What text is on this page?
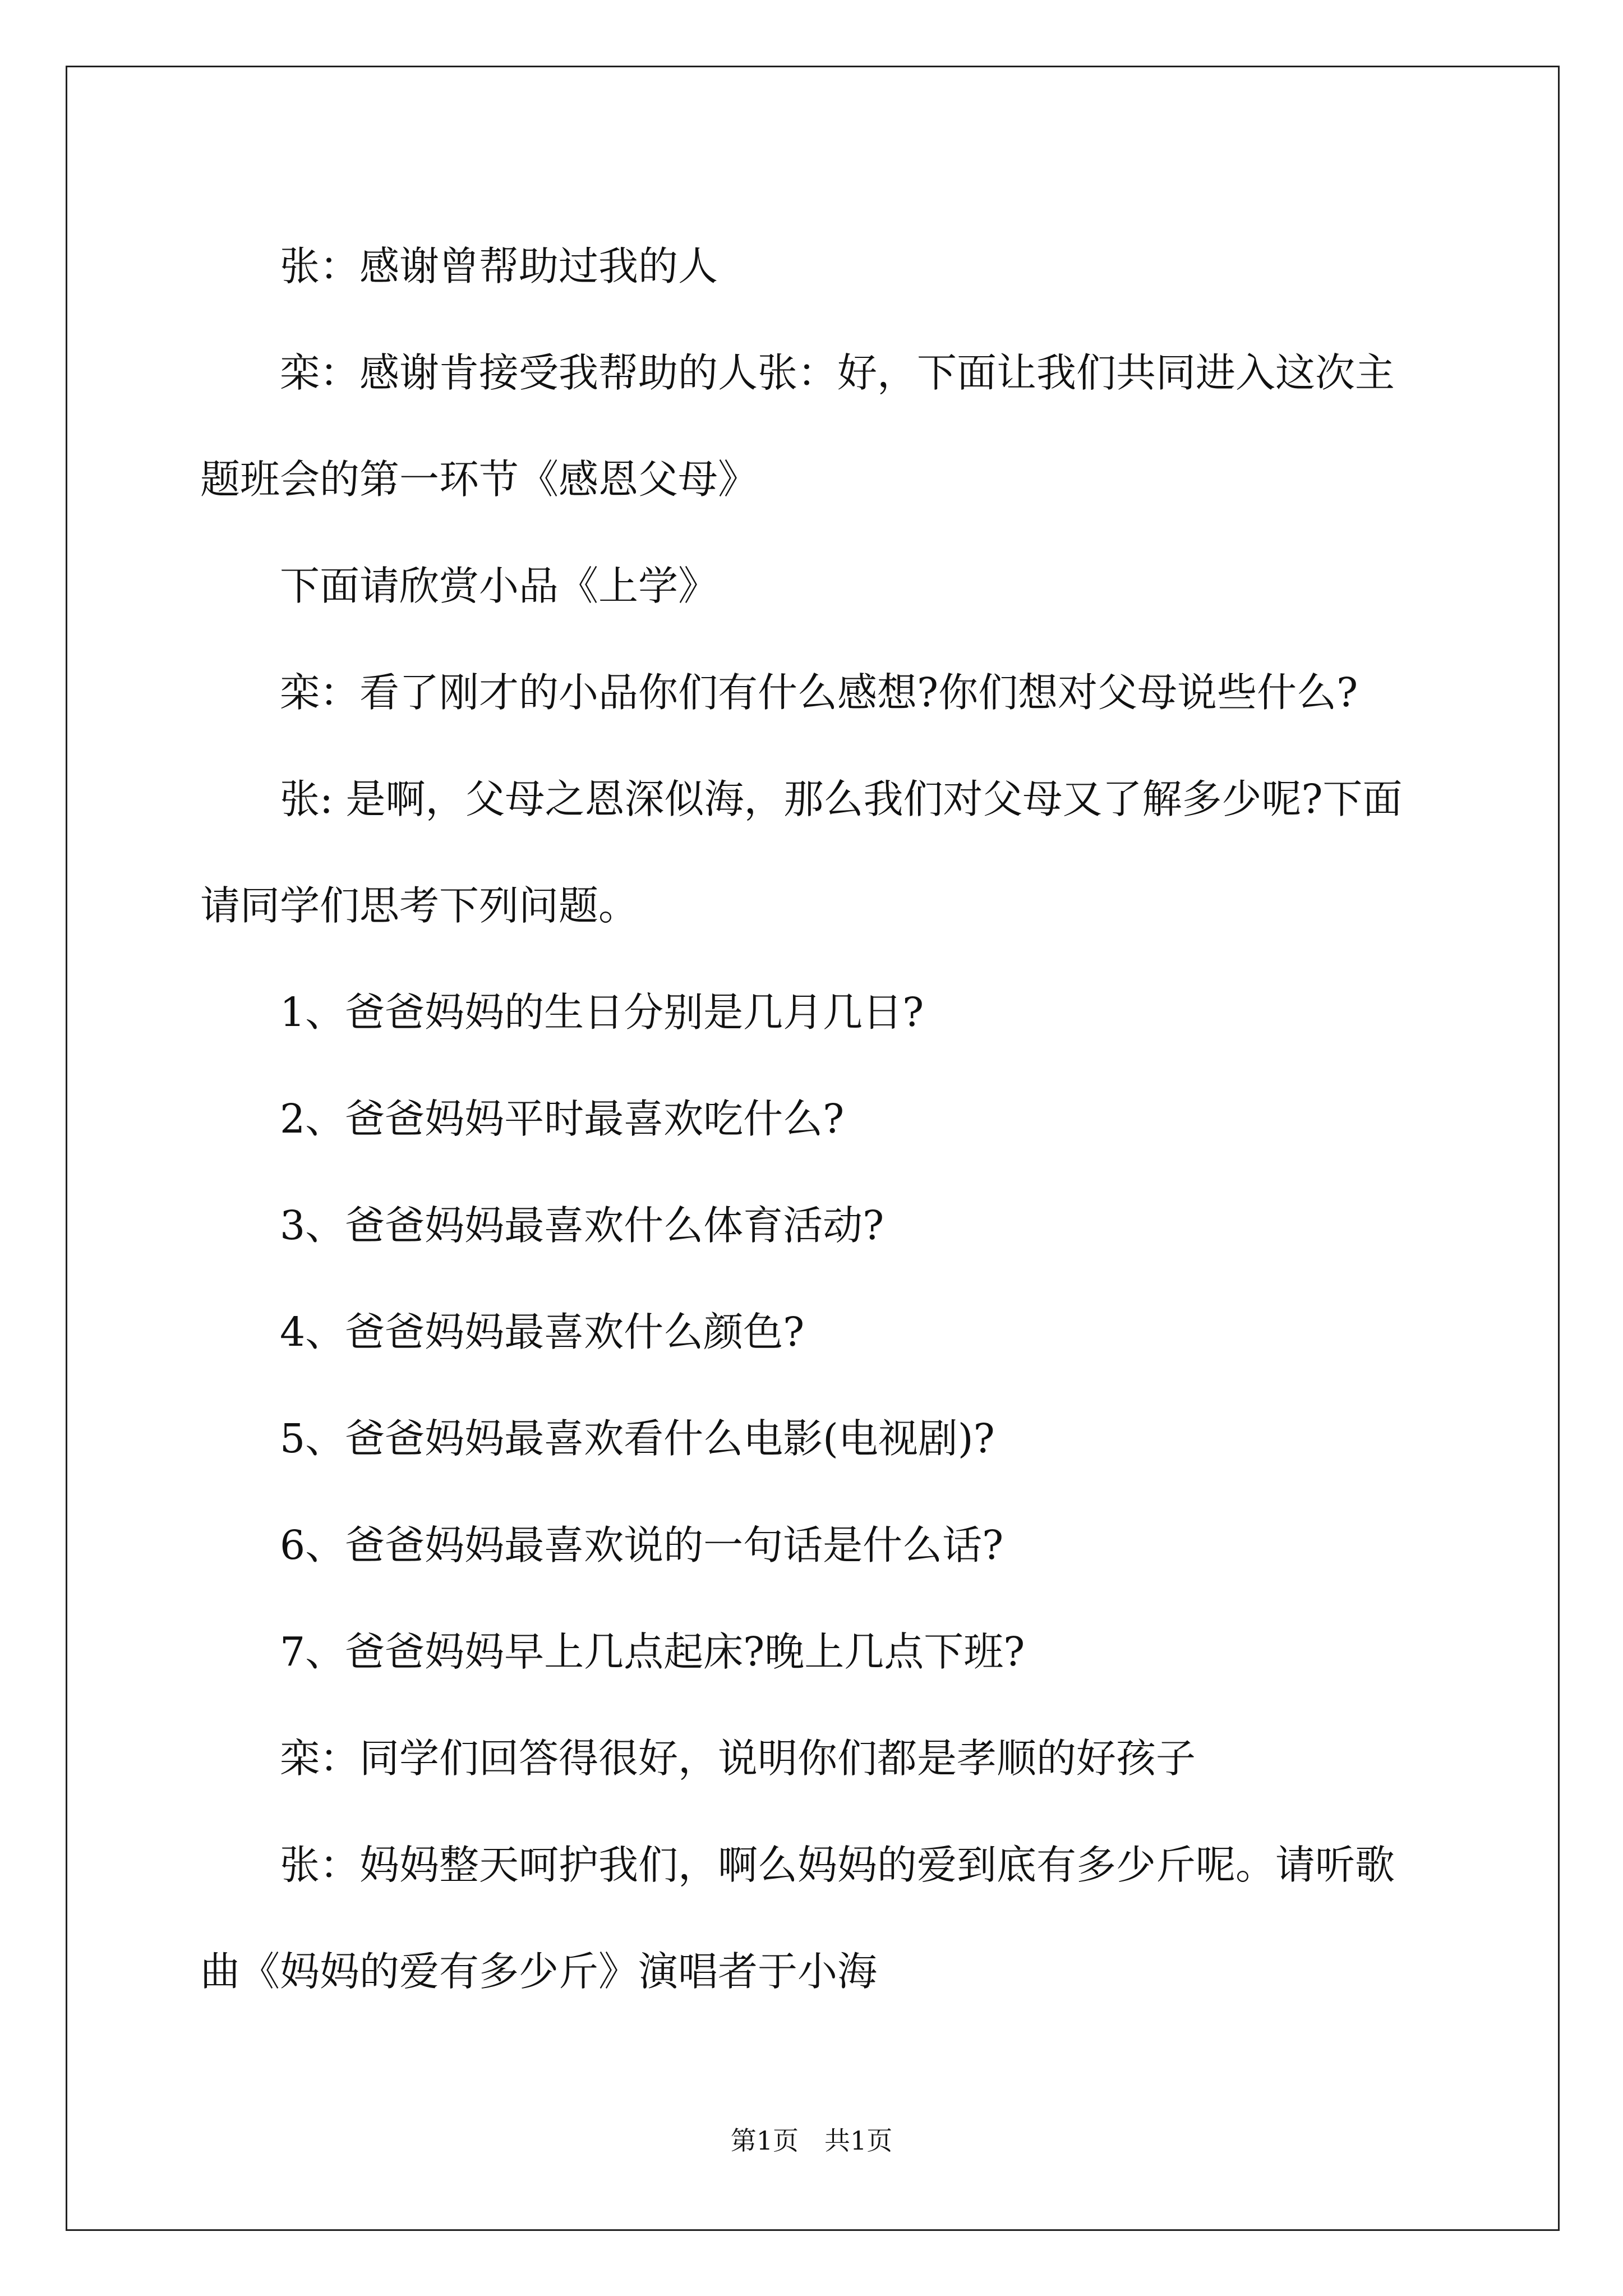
张：感谢曾帮助过我的人

栾：感谢肯接受我帮助的人张：好，下面让我们共同进入这次主题班会的第一环节《感恩父母》

下面请欣赏小品《上学》

栾：看了刚才的小品你们有什么感想?你们想对父母说些什么?

张: 是啊，父母之恩深似海，那么我们对父母又了解多少呢?下面请同学们思考下列问题。

1、爸爸妈妈的生日分别是几月几日?

2、爸爸妈妈平时最喜欢吃什么?

3、爸爸妈妈最喜欢什么体育活动?

4、爸爸妈妈最喜欢什么颜色?

5、爸爸妈妈最喜欢看什么电影(电视剧)?

6、爸爸妈妈最喜欢说的一句话是什么话?

7、爸爸妈妈早上几点起床?晚上几点下班?

栾：同学们回答得很好，说明你们都是孝顺的好孩子

张：妈妈整天呵护我们，啊么妈妈的爱到底有多少斤呢。请听歌曲《妈妈的爱有多少斤》演唱者于小海

第1页　共1页
